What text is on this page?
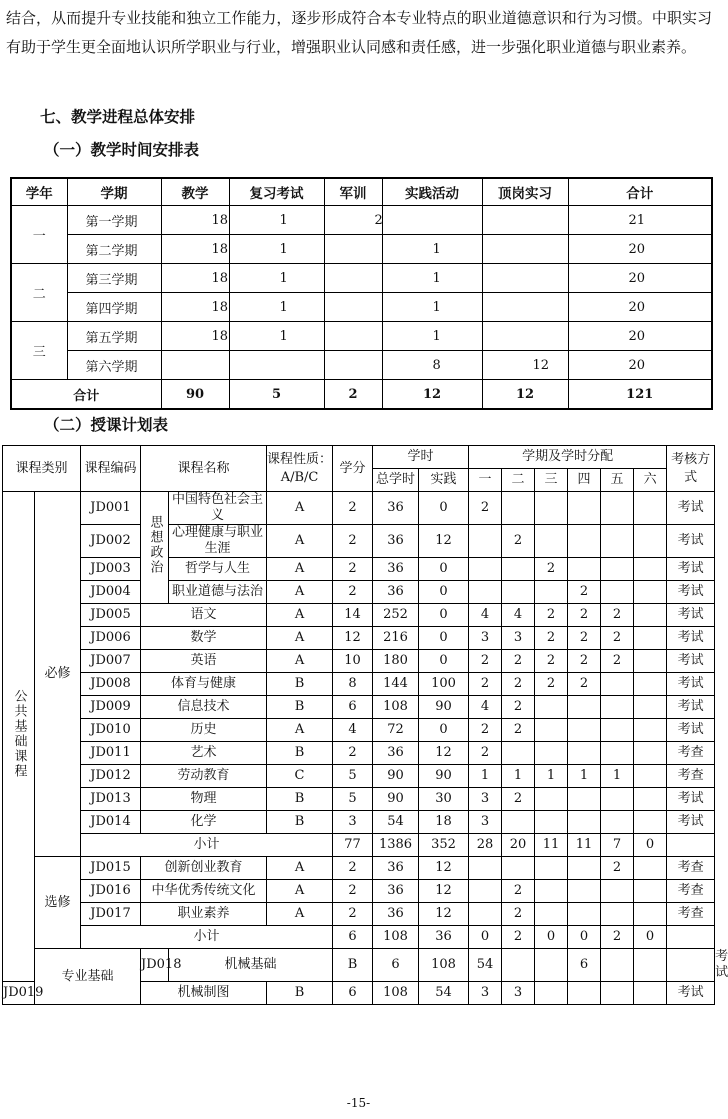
结合，从而提升专业技能和独立工作能力，逐步形成符合本专业特点的职业道德意识和行为习惯。中职实习有助于学生更全面地认识所学职业与行业，增强职业认同感和责任感，进一步强化职业道德与职业素养。

七、教学进程总体安排

（一）教学时间安排表

学年	学期	教学	复习考试	军训	实践活动	顶岗实习	合计
一	第一学期	18	1	2			21
	第二学期	18	1		1		20
二	第三学期	18	1		1		20
	第四学期	18	1		1		20
三	第五学期	18	1		1		20
	第六学期				8	12	20
合计		90	5	2	12	12	121

（二）授课计划表

课程类别		课程编码	课程名称		课程性质：A/B/C	学分	学时		学期及学时分配						考核方式	
							总学时	实践	一	二	三	四	五	六		
公共基础课程	必修	JD001	思想政治	中国特色社会主义	A	2	36	0	2						考试	
		JD002		心理健康与职业生涯	A	2	36	12		2					考试	
		JD003		哲学与人生	A	2	36	0			2				考试	
		JD004		职业道德与法治	A	2	36	0				2			考试	
		JD005	语文		A	14	252	0	4	4	2	2	2		考试	
		JD006	数学		A	12	216	0	3	3	2	2	2		考试	
		JD007	英语		A	10	180	0	2	2	2	2	2		考试	
		JD008	体育与健康		B	8	144	100	2	2	2	2			考试	
		JD009	信息技术		B	6	108	90	4	2					考试	
		JD010	历史		A	4	72	0	2	2					考试	
		JD011	艺术		B	2	36	12	2						考查	
		JD012	劳动教育		C	5	90	90	1	1	1	1	1		考查	
		JD013	物理		B	5	90	30	3	2					考试	
		JD014	化学		B	3	54	18	3						考试	
		小计				77	1386	352	28	20	11	11	7	0		
	选修	JD015	创新创业教育		A	2	36	12					2		考查	
		JD016	中华优秀传统文化		A	2	36	12		2					考查	
		JD017	职业素养		A	2	36	12		2					考查	
		小计				6	108	36	0	2	0	0	2	0		
	专业基础		JD018	机械基础		B	6	108	54			6				考试
JD019			机械制图		B	6	108	54	3	3					考试	

-15-
